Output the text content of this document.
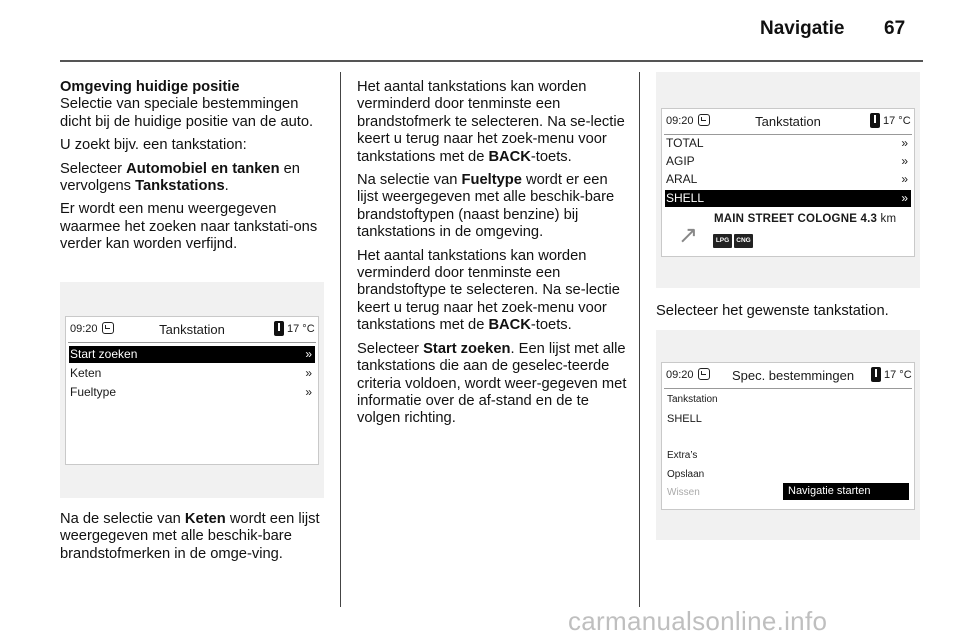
Navigatie 67

Omgeving huidige positie

Selectie van speciale bestemmingen dicht bij de huidige positie van de auto.

U zoekt bijv. een tankstation:

Selecteer Automobiel en tanken en vervolgens Tankstations.

Er wordt een menu weergegeven waarmee het zoeken naar tankstati-ons verder kan worden verfijnd.

09:20	Tankstation	17 °C
Start zoeken	»
Keten	»
Fueltype	»

Na de selectie van Keten wordt een lijst weergegeven met alle beschik-bare brandstofmerken in de omge-ving.

Het aantal tankstations kan worden verminderd door tenminste een brandstofmerk te selecteren. Na se-lectie keert u terug naar het zoek-menu voor tankstations met de BACK-toets.

Na selectie van Fueltype wordt er een lijst weergegeven met alle beschik-bare brandstoftypen (naast benzine) bij tankstations in de omgeving.

Het aantal tankstations kan worden verminderd door tenminste een brandstoftype te selecteren. Na se-lectie keert u terug naar het zoek-menu voor tankstations met de BACK-toets.

Selecteer Start zoeken. Een lijst met alle tankstations die aan de geselec-teerde criteria voldoen, wordt weer-gegeven met informatie over de af-stand en de te volgen richting.

09:20	Tankstation	17 °C
TOTAL	»
AGIP	»
ARAL	»
SHELL	»
MAIN STREET COLOGNE 4.3 km
↗	LPG	CNG

Selecteer het gewenste tankstation.

09:20	Spec. bestemmingen	17 °C
Tankstation
SHELL
Extra’s
Opslaan
Wissen	Navigatie starten
carmanualsonline.info
